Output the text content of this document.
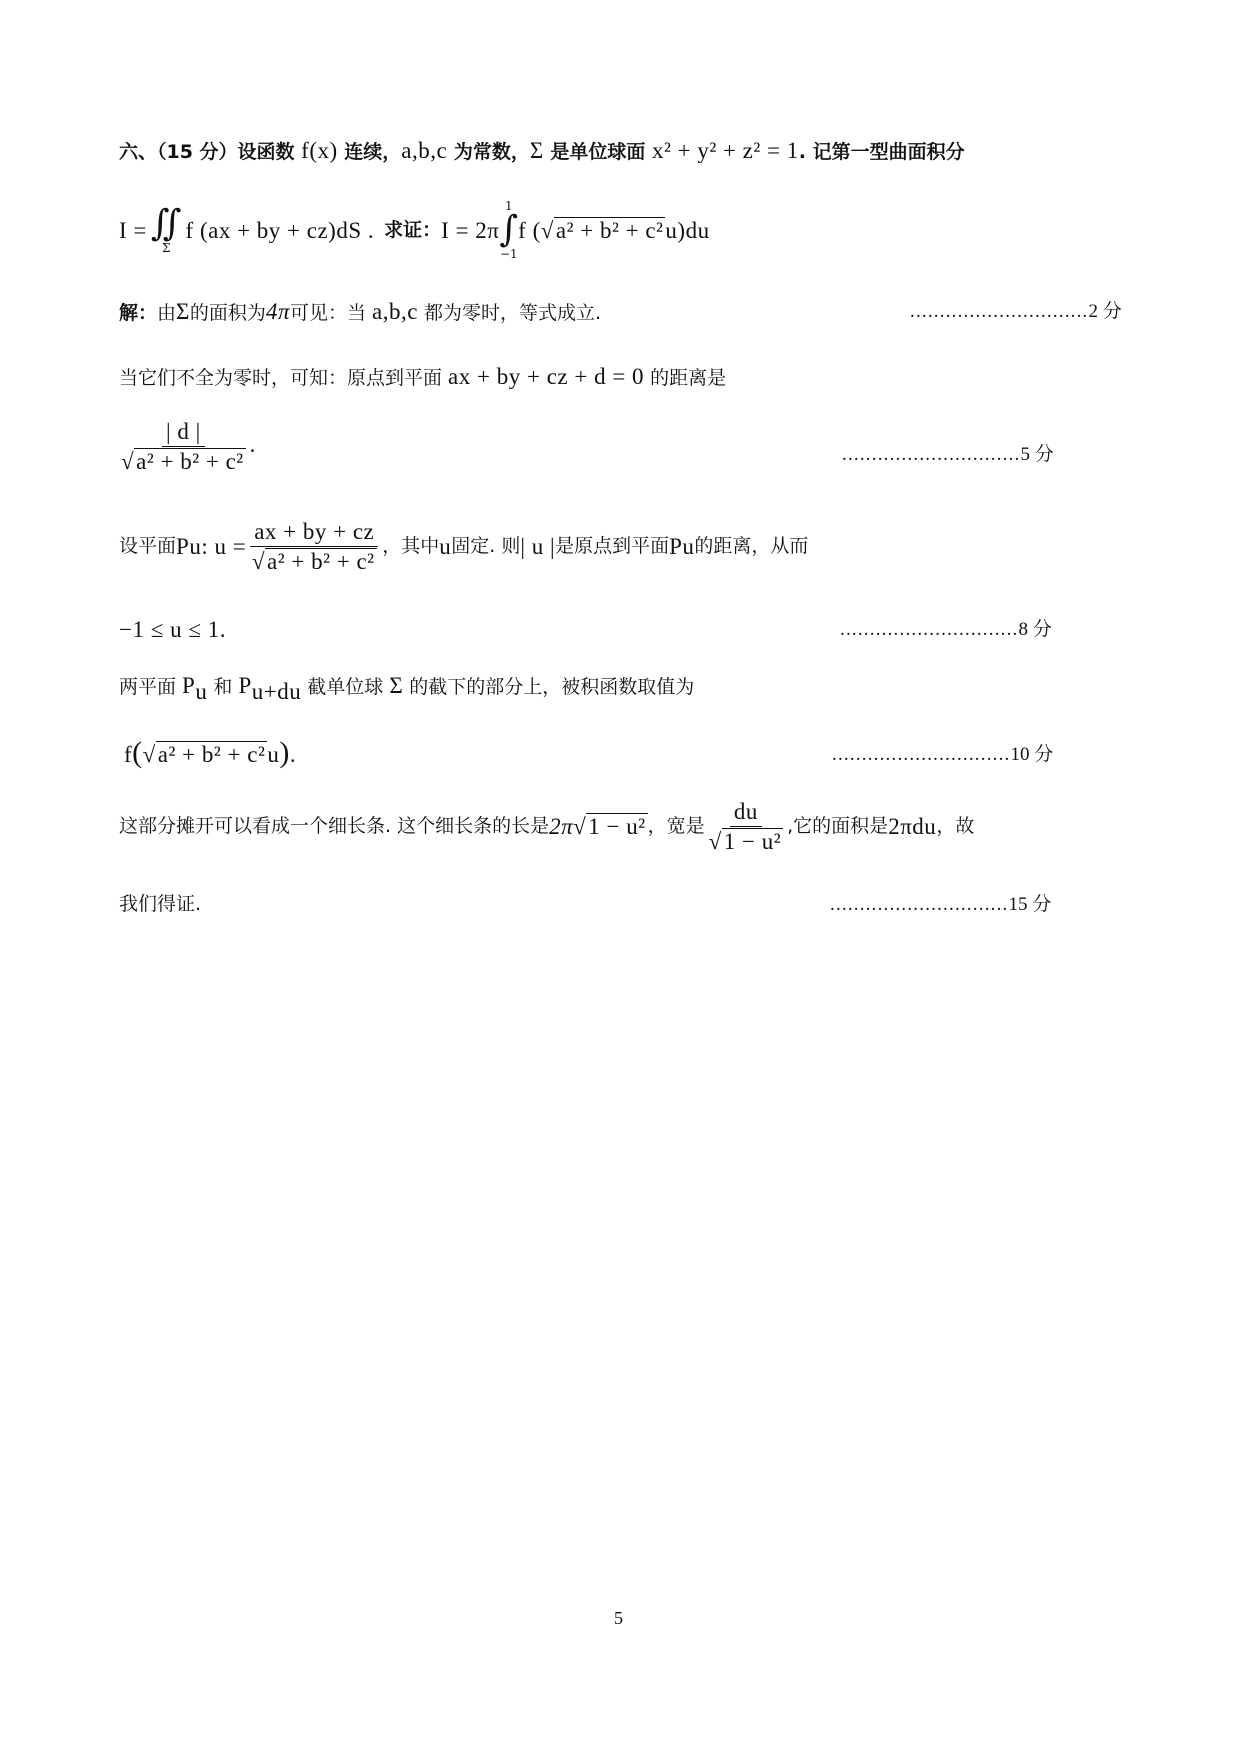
六、（15 分）设函数 f(x) 连续，a,b,c 为常数，Σ 是单位球面 x² + y² + z² = 1. 记第一型曲面积分
I = ∬
Σ
f (ax + by + cz)dS . 求证： I = 2π
1
∫
−1
f ( √a² + b² + c² u)du
解：由Σ的面积为4π可见：当 a,b,c 都为零时，等式成立.	..............................2 分
当它们不全为零时，可知：原点到平面 ax + by + cz + d = 0 的距离是
$\frac{| d |}{\text{√a² + b² + c²}}$ .	..............................5 分
设平面 P u : $u = \frac{ax + by + cz}{\text{√a² + b² + c²}}$ ，其中 u 固定. 则 | u | 是原点到平面 P u 的距离，从而
−1 ≤ u ≤ 1.	..............................8 分
两平面 $P_u$ 和 $P_{u+du}$ 截单位球 Σ 的截下的部分上，被积函数取值为
f(√a² + b² + c²u).	..............................10 分
这部分摊开可以看成一个细长条. 这个细长条的长是 2π √1 − u² ，宽是 $\frac{du}{\text{√1 − u²}}$ ,它的面积是 2πdu ，故
我们得证.	..............................15 分
5
